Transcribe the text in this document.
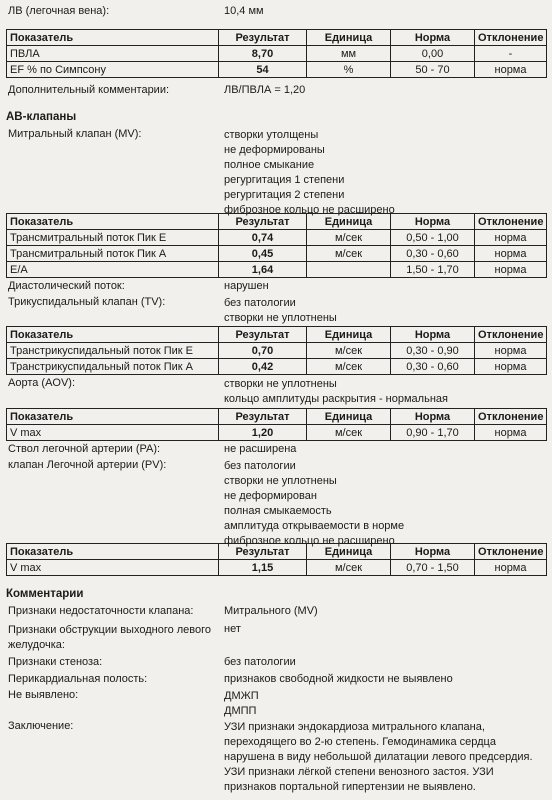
ЛВ (легочная вена):	10,4 мм
Показатель	Результат	Единица	Норма	Отклонение
ПВЛА	8,70	мм	0,00	-
EF % по Симпсону	54	%	50 - 70	норма
Дополнительный комментарии:	ЛВ/ПВЛА = 1,20
АВ-клапаны
Митральный клапан (MV):	створки утолщены
не деформированы
полное смыкание
регургитация 1 степени
регургитация 2 степени
фиброзное кольцо не расширено
Показатель	Результат	Единица	Норма	Отклонение
Трансмитральный поток Пик Е	0,74	м/сек	0,50 - 1,00	норма
Трансмитральный поток Пик А	0,45	м/сек	0,30 - 0,60	норма
E/A	1,64		1,50 - 1,70	норма
Диастолический поток:	нарушен
Трикуспидальный клапан (TV):	без патологии
створки не уплотнены
Показатель	Результат	Единица	Норма	Отклонение
Транстрикуспидальный поток Пик Е	0,70	м/сек	0,30 - 0,90	норма
Транстрикуспидальный поток Пик А	0,42	м/сек	0,30 - 0,60	норма
Аорта (AOV):	створки не уплотнены
кольцо амплитуды раскрытия - нормальная
Показатель	Результат	Единица	Норма	Отклонение
V max	1,20	м/сек	0,90 - 1,70	норма
Ствол легочной артерии (PA):	не расширена
клапан Легочной артерии (PV):	без патологии
створки не уплотнены
не деформирован
полная смыкаемость
амплитуда открываемости в норме
фиброзное кольцо не расширено
Показатель	Результат	Единица	Норма	Отклонение
V max	1,15	м/сек	0,70 - 1,50	норма
Комментарии
Признаки недостаточности клапана:	Митрального (MV)
Признаки обструкции выходного левого
желудочка:
нет
Признаки стеноза:	без патологии
Перикардиальная полость:	признаков свободной жидкости не выявлено
Не выявлено:	ДМЖП
ДМПП
Заключение:	УЗИ признаки эндокардиоза митрального клапана,
переходящего во 2-ю степень. Гемодинамика сердца
нарушена в виду небольшой дилатации левого предсердия.
УЗИ признаки лёгкой степени венозного застоя. УЗИ
признаков портальной гипертензии не выявлено.
